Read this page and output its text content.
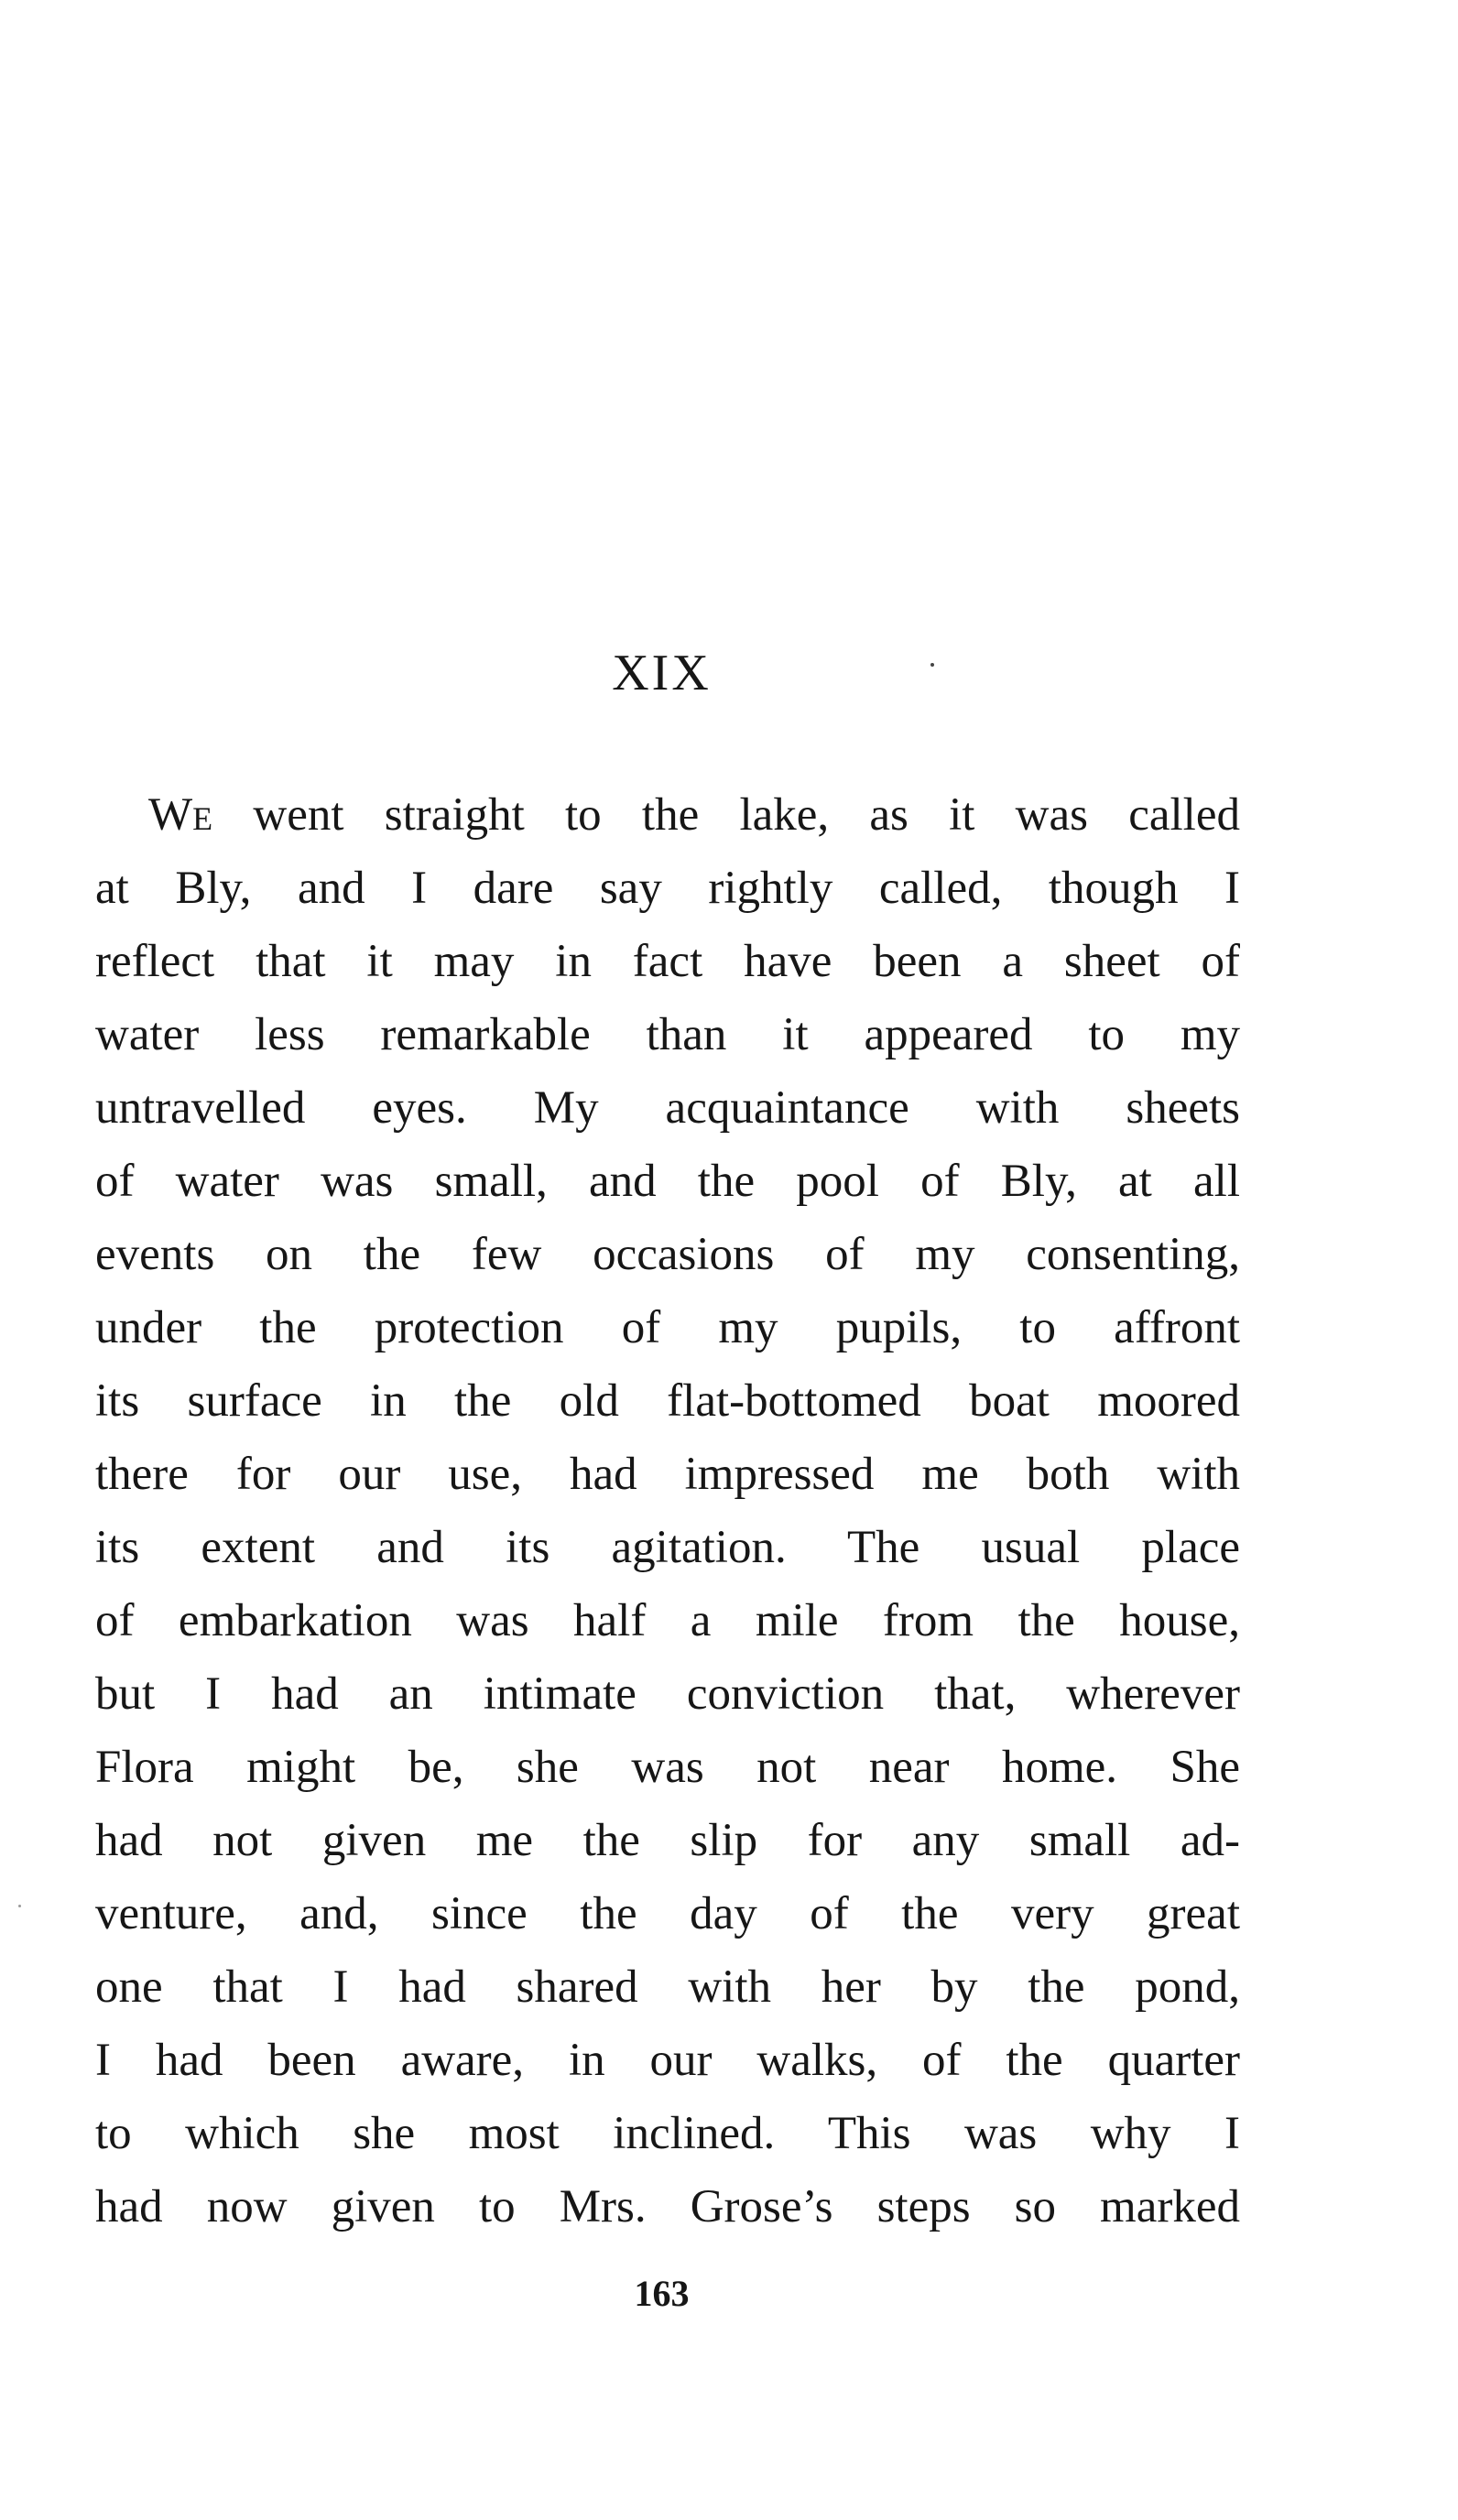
XIX
We went straight to the lake, as it was called
at Bly, and I dare say rightly called, though I
reflect that it may in fact have been a sheet of
water less remarkable than it appeared to my
untravelled eyes. My acquaintance with sheets
of water was small, and the pool of Bly, at all
events on the few occasions of my consenting,
under the protection of my pupils, to affront
its surface in the old flat-bottomed boat moored
there for our use, had impressed me both with
its extent and its agitation. The usual place
of embarkation was half a mile from the house,
but I had an intimate conviction that, wherever
Flora might be, she was not near home. She
had not given me the slip for any small ad-
venture, and, since the day of the very great
one that I had shared with her by the pond,
I had been aware, in our walks, of the quarter
to which she most inclined. This was why I
had now given to Mrs. Grose’s steps so marked
163
